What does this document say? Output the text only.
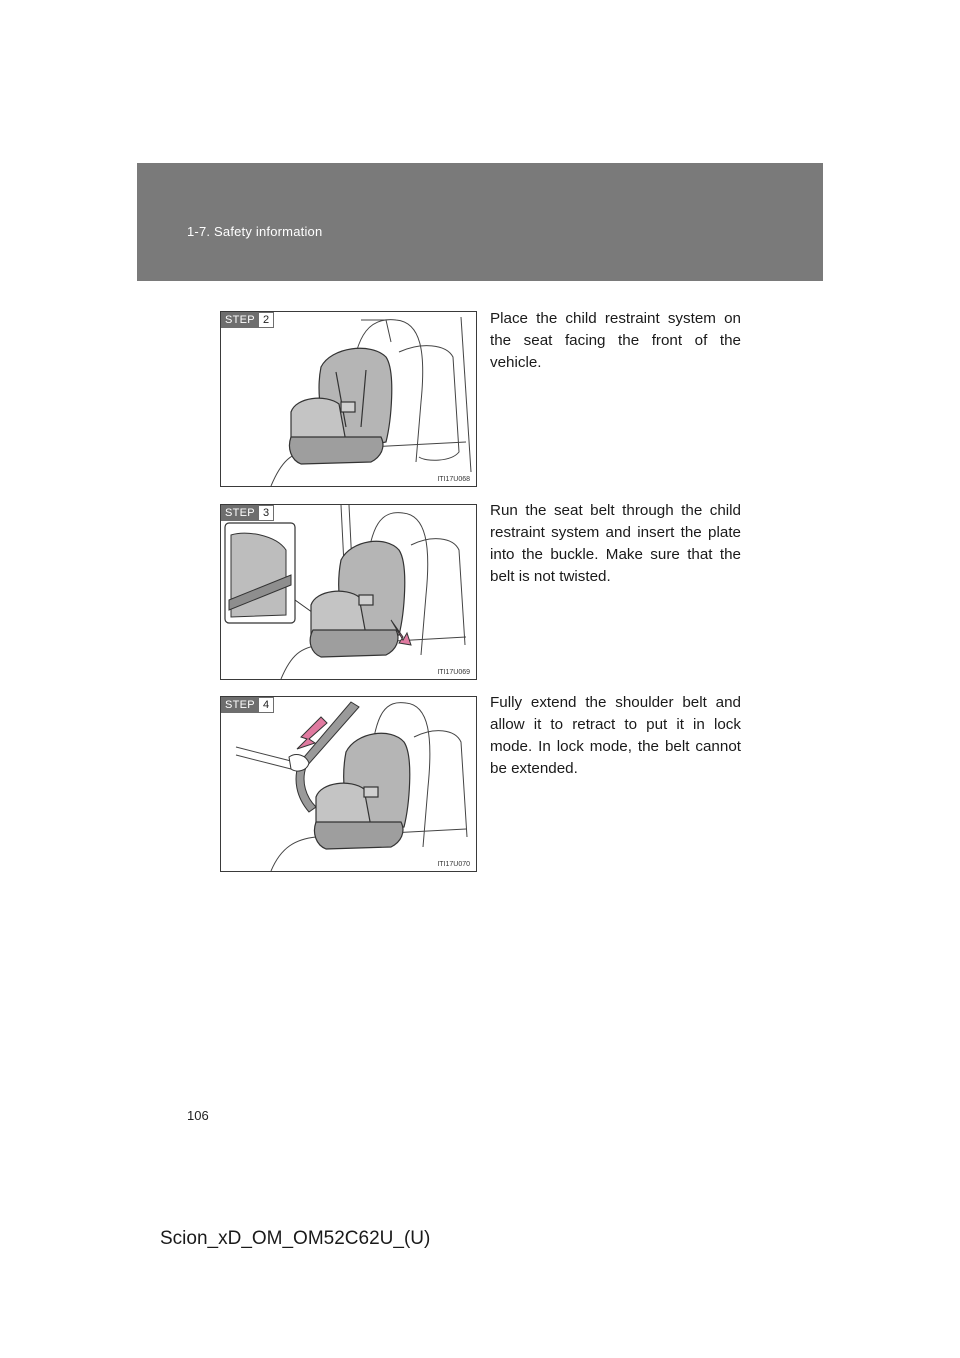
1-7. Safety information
STEP 2
ITI17U068
Place the child restraint system on the seat facing the front of the vehicle.
STEP 3
ITI17U069
Run the seat belt through the child restraint system and insert the plate into the buckle. Make sure that the belt is not twisted.
STEP 4
ITI17U070
Fully extend the shoulder belt and allow it to retract to put it in lock mode. In lock mode, the belt cannot be extended.
106
Scion_xD_OM_OM52C62U_(U)
